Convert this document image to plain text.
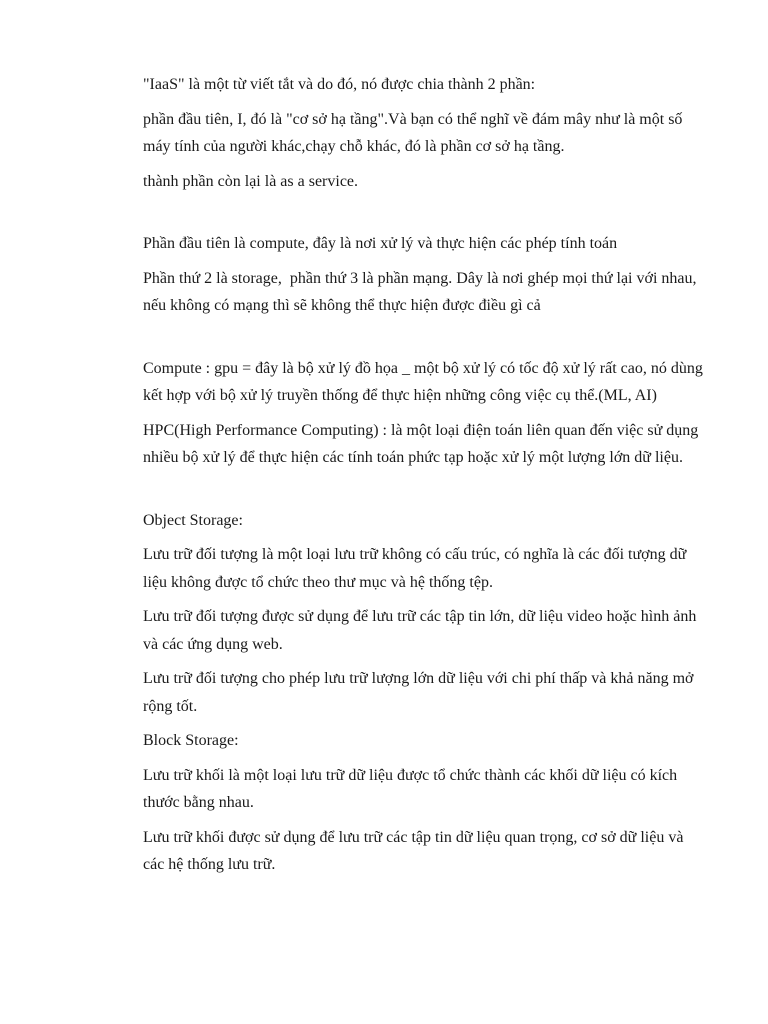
"IaaS" là một từ viết tắt và do đó, nó được chia thành 2 phần:

phần đầu tiên, I, đó là "cơ sở hạ tầng".Và bạn có thể nghĩ về đám mây như là một số máy tính của người khác,chạy chỗ khác, đó là phần cơ sở hạ tầng.

thành phần còn lại là as a service.

Phần đầu tiên là compute, đây là nơi xử lý và thực hiện các phép tính toán

Phần thứ 2 là storage,  phần thứ 3 là phần mạng. Dây là nơi ghép mọi thứ lại với nhau, nếu không có mạng thì sẽ không thể thực hiện được điều gì cả

Compute : gpu = đây là bộ xử lý đồ họa _ một bộ xử lý có tốc độ xử lý rất cao, nó dùng kết hợp với bộ xử lý truyền thống để thực hiện những công việc cụ thể.(ML, AI)

HPC(High Performance Computing) : là một loại điện toán liên quan đến việc sử dụng nhiều bộ xử lý để thực hiện các tính toán phức tạp hoặc xử lý một lượng lớn dữ liệu.

Object Storage:

Lưu trữ đối tượng là một loại lưu trữ không có cấu trúc, có nghĩa là các đối tượng dữ liệu không được tổ chức theo thư mục và hệ thống tệp.

Lưu trữ đối tượng được sử dụng để lưu trữ các tập tin lớn, dữ liệu video hoặc hình ảnh và các ứng dụng web.

Lưu trữ đối tượng cho phép lưu trữ lượng lớn dữ liệu với chi phí thấp và khả năng mở rộng tốt.

Block Storage:

Lưu trữ khối là một loại lưu trữ dữ liệu được tổ chức thành các khối dữ liệu có kích thước bằng nhau.

Lưu trữ khối được sử dụng để lưu trữ các tập tin dữ liệu quan trọng, cơ sở dữ liệu và các hệ thống lưu trữ.
